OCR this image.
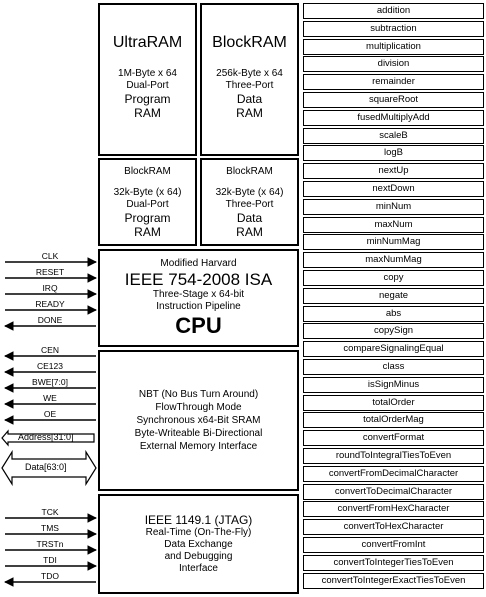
UltraRAM
1M-Byte x 64
Dual-Port
Program
RAM
BlockRAM
256k-Byte x 64
Three-Port
Data
RAM
BlockRAM
32k-Byte (x 64)
Dual-Port
Program
RAM
BlockRAM
32k-Byte (x 64)
Three-Port
Data
RAM
Modified Harvard
IEEE 754-2008 ISA
Three-Stage x 64-bit
Instruction Pipeline
CPU
NBT (No Bus Turn Around)
FlowThrough Mode
Synchronous x64-Bit SRAM
Byte-Writeable Bi-Directional
External Memory Interface
IEEE 1149.1 (JTAG)
Real-Time (On-The-Fly)
Data Exchange
and Debugging
Interface
addition
subtraction
multiplication
division
remainder
squareRoot
fusedMultiplyAdd
scaleB
logB
nextUp
nextDown
minNum
maxNum
minNumMag
maxNumMag
copy
negate
abs
copySign
compareSignalingEqual
class
isSignMinus
totalOrder
totalOrderMag
convertFormat
roundToIntegralTiesToEven
convertFromDecimalCharacter
convertToDecimalCharacter
convertFromHexCharacter
convertToHexCharacter
convertFromInt
convertToIntegerTiesToEven
convertToIntegerExactTiesToEven
CLK
RESET
IRQ
READY
DONE
CEN
CE123
BWE[7:0]
WE
OE
TCK
TMS
TRSTn
TDI
TDO
Address[31:0]
Data[63:0]
